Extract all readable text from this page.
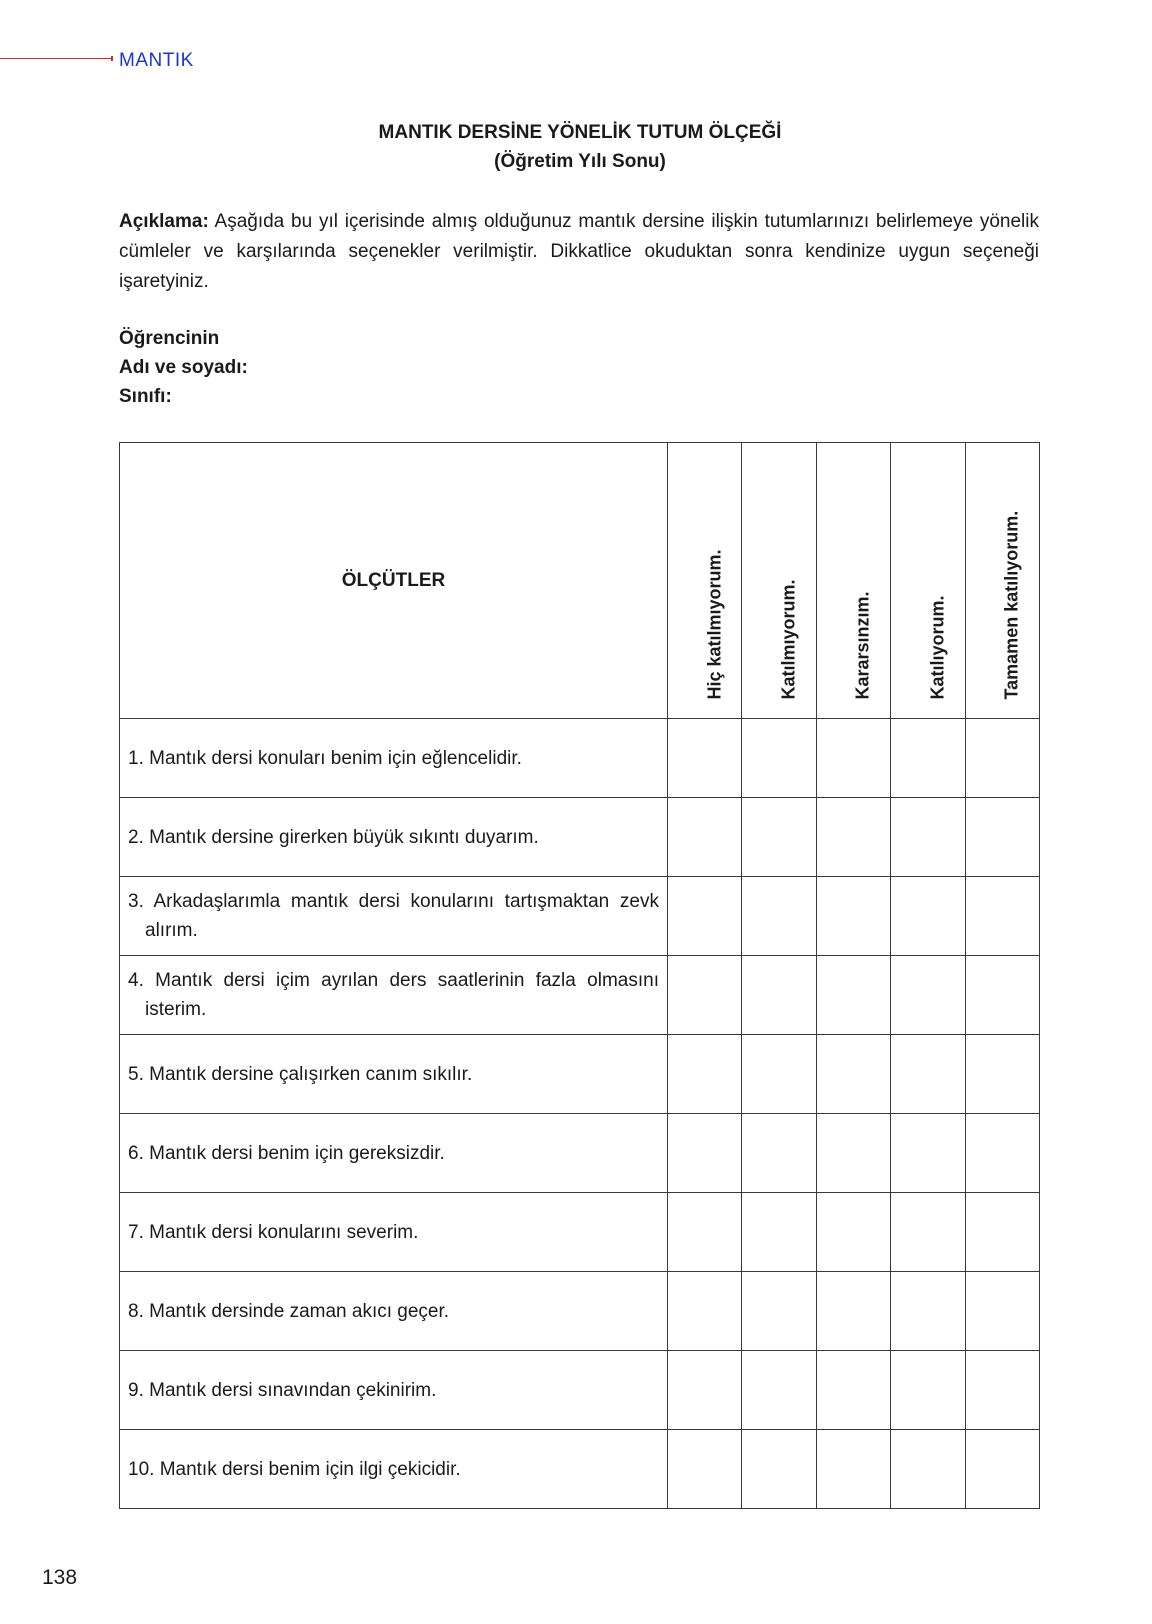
MANTIK
MANTIK DERSİNE YÖNELİK TUTUM ÖLÇEĞİ
(Öğretim Yılı Sonu)
Açıklama: Aşağıda bu yıl içerisinde almış olduğunuz mantık dersine ilişkin tutumlarınızı belirlemeye yönelik cümleler ve karşılarında seçenekler verilmiştir. Dikkatlice okuduktan sonra kendinize uygun seçeneği işaretyiniz.
Öğrencinin
Adı ve soyadı:
Sınıfı:
ÖLÇÜTLER	Hiç katılmıyorum.	Katılmıyorum.	Kararsınzım.	Katılıyorum.	Tamamen katılıyorum.

1. Mantık dersi konuları benim için eğlencelidir.					

2. Mantık dersine girerken büyük sıkıntı duyarım.					

3. Arkadaşlarımla mantık dersi konularını tartışmaktan zevk alırım.					

4. Mantık dersi içim ayrılan ders saatlerinin fazla olmasını isterim.					

5. Mantık dersine çalışırken canım sıkılır.					

6. Mantık dersi benim için gereksizdir.					

7. Mantık dersi konularını severim.					

8. Mantık dersinde zaman akıcı geçer.					

9. Mantık dersi sınavından çekinirim.					

10. Mantık dersi benim için ilgi çekicidir.					

138
